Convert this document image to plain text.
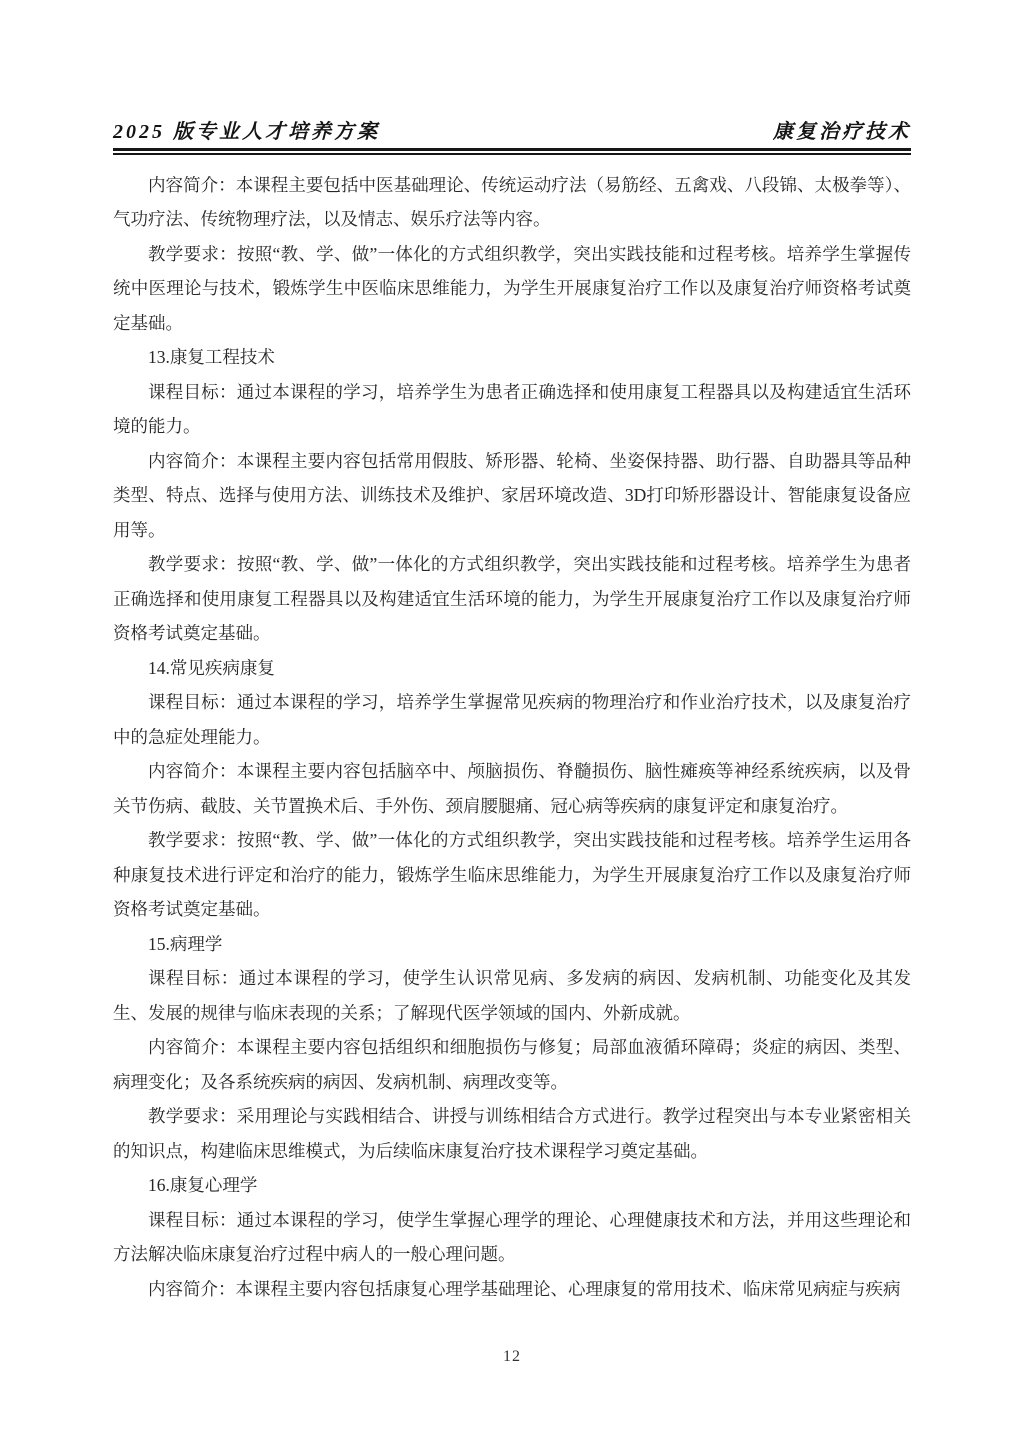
2025 版专业人才培养方案	康复治疗技术

内容简介：本课程主要包括中医基础理论、传统运动疗法（易筋经、五禽戏、八段锦、太极拳等）、气功疗法、传统物理疗法，以及情志、娱乐疗法等内容。

教学要求：按照“教、学、做”一体化的方式组织教学，突出实践技能和过程考核。培养学生掌握传统中医理论与技术，锻炼学生中医临床思维能力，为学生开展康复治疗工作以及康复治疗师资格考试奠定基础。

13.康复工程技术

课程目标：通过本课程的学习，培养学生为患者正确选择和使用康复工程器具以及构建适宜生活环境的能力。

内容简介：本课程主要内容包括常用假肢、矫形器、轮椅、坐姿保持器、助行器、自助器具等品种类型、特点、选择与使用方法、训练技术及维护、家居环境改造、3D打印矫形器设计、智能康复设备应用等。

教学要求：按照“教、学、做”一体化的方式组织教学，突出实践技能和过程考核。培养学生为患者正确选择和使用康复工程器具以及构建适宜生活环境的能力，为学生开展康复治疗工作以及康复治疗师资格考试奠定基础。

14.常见疾病康复

课程目标：通过本课程的学习，培养学生掌握常见疾病的物理治疗和作业治疗技术，以及康复治疗中的急症处理能力。

内容简介：本课程主要内容包括脑卒中、颅脑损伤、脊髓损伤、脑性瘫痪等神经系统疾病，以及骨关节伤病、截肢、关节置换术后、手外伤、颈肩腰腿痛、冠心病等疾病的康复评定和康复治疗。

教学要求：按照“教、学、做”一体化的方式组织教学，突出实践技能和过程考核。培养学生运用各种康复技术进行评定和治疗的能力，锻炼学生临床思维能力，为学生开展康复治疗工作以及康复治疗师资格考试奠定基础。

15.病理学

课程目标：通过本课程的学习，使学生认识常见病、多发病的病因、发病机制、功能变化及其发生、发展的规律与临床表现的关系；了解现代医学领域的国内、外新成就。

内容简介：本课程主要内容包括组织和细胞损伤与修复；局部血液循环障碍；炎症的病因、类型、病理变化；及各系统疾病的病因、发病机制、病理改变等。

教学要求：采用理论与实践相结合、讲授与训练相结合方式进行。教学过程突出与本专业紧密相关的知识点，构建临床思维模式，为后续临床康复治疗技术课程学习奠定基础。

16.康复心理学

课程目标：通过本课程的学习，使学生掌握心理学的理论、心理健康技术和方法，并用这些理论和方法解决临床康复治疗过程中病人的一般心理问题。

内容简介：本课程主要内容包括康复心理学基础理论、心理康复的常用技术、临床常见病症与疾病

12
